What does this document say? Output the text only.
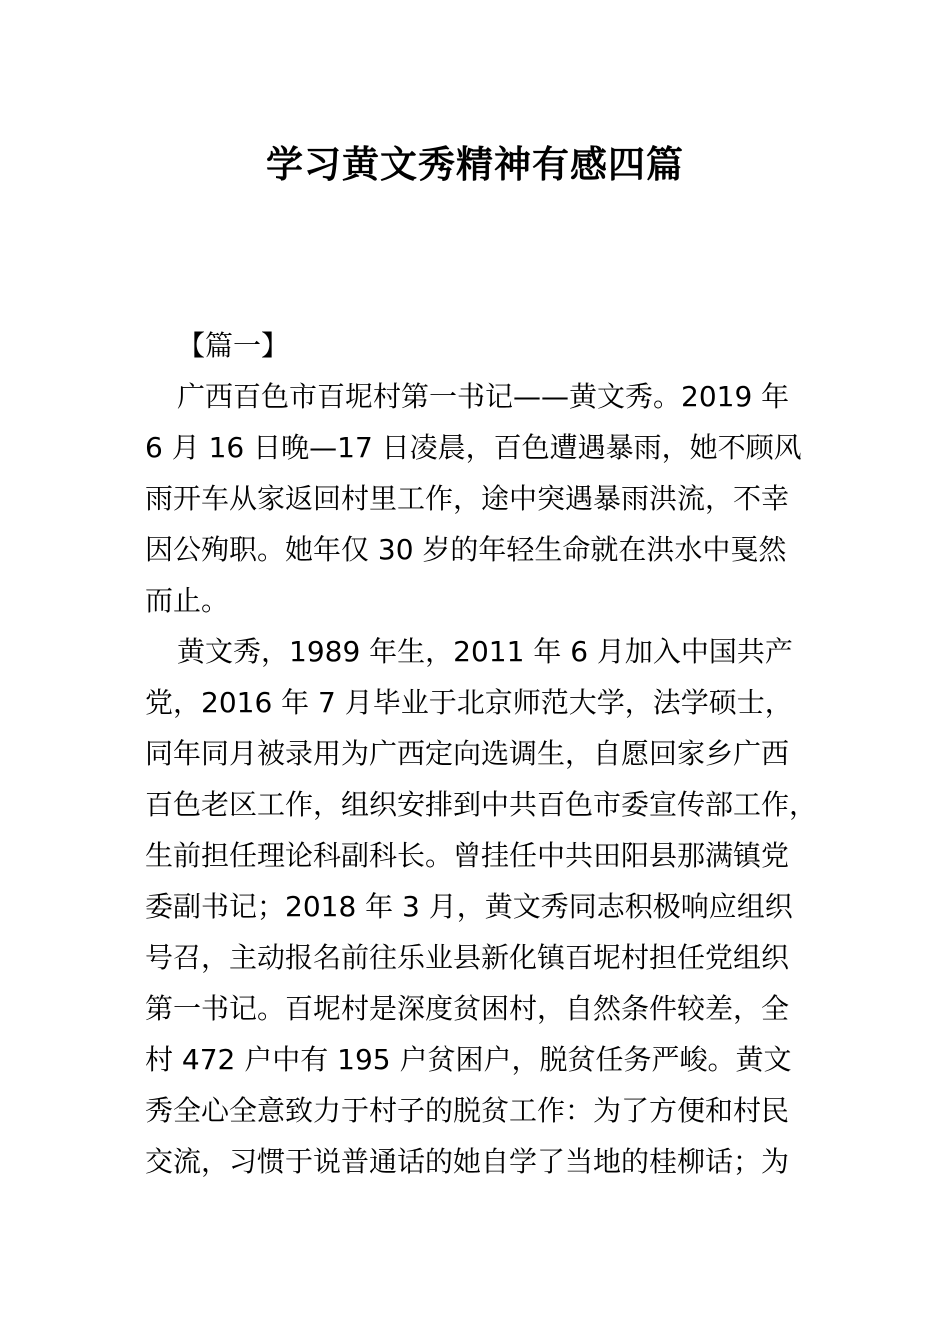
学习黄文秀精神有感四篇
【篇一】
广西百色市百坭村第一书记——黄文秀。2019 年
6 月 16 日晚—17 日凌晨，百色遭遇暴雨，她不顾风
雨开车从家返回村里工作，途中突遇暴雨洪流，不幸
因公殉职。她年仅 30 岁的年轻生命就在洪水中戛然
而止。
黄文秀，1989 年生，2011 年 6 月加入中国共产
党，2016 年 7 月毕业于北京师范大学，法学硕士，
同年同月被录用为广西定向选调生，自愿回家乡广西
百色老区工作，组织安排到中共百色市委宣传部工作，
生前担任理论科副科长。曾挂任中共田阳县那满镇党
委副书记；2018 年 3 月，黄文秀同志积极响应组织
号召，主动报名前往乐业县新化镇百坭村担任党组织
第一书记。百坭村是深度贫困村，自然条件较差，全
村 472 户中有 195 户贫困户，脱贫任务严峻。黄文
秀全心全意致力于村子的脱贫工作：为了方便和村民
交流，习惯于说普通话的她自学了当地的桂柳话；为
